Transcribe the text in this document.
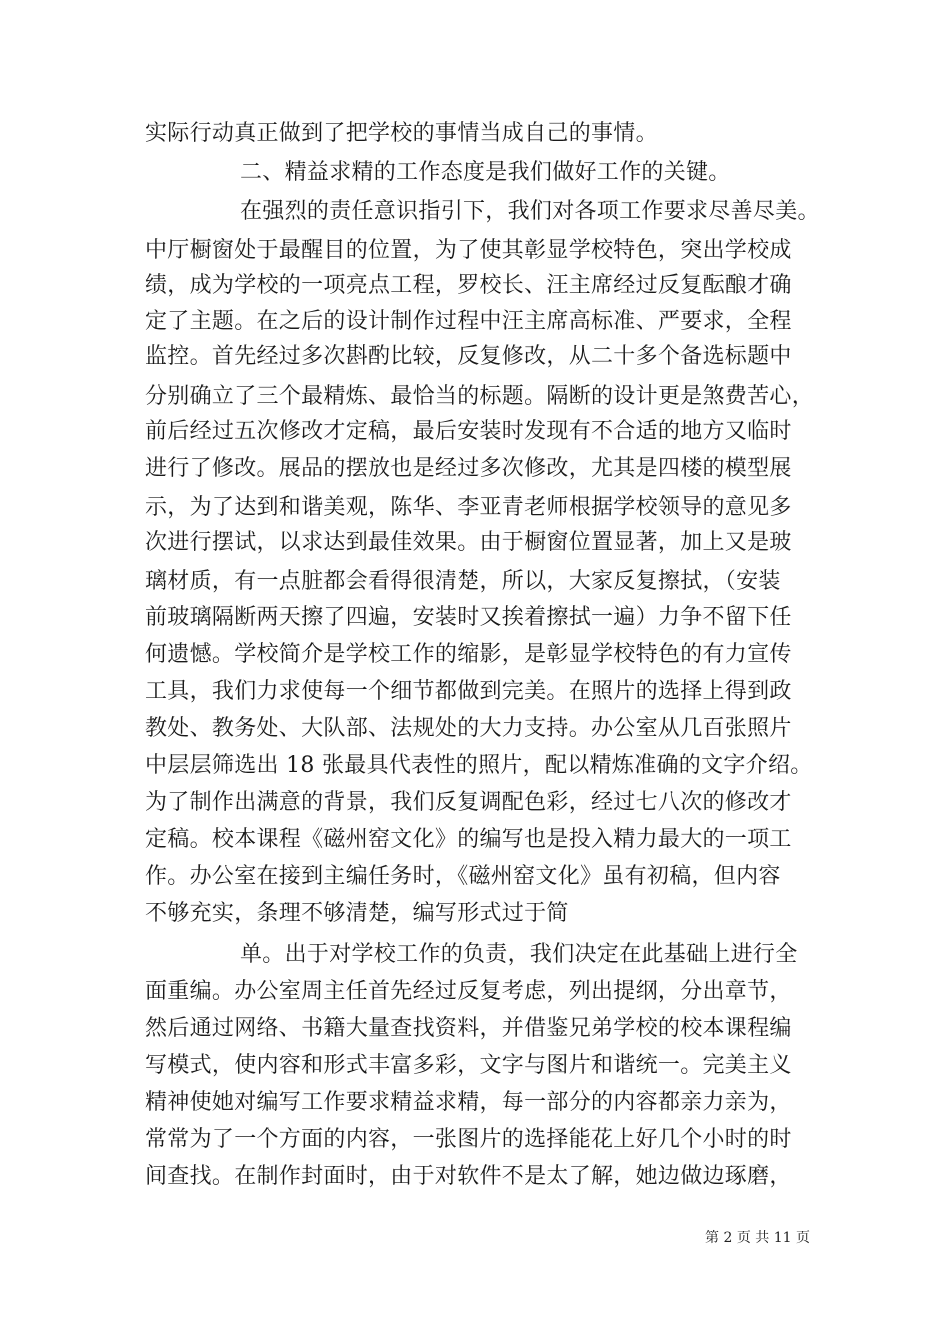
实际行动真正做到了把学校的事情当成自己的事情。

二、精益求精的工作态度是我们做好工作的关键。

在强烈的责任意识指引下，我们对各项工作要求尽善尽美。

中厅橱窗处于最醒目的位置，为了使其彰显学校特色，突出学校成

绩，成为学校的一项亮点工程，罗校长、汪主席经过反复酝酿才确

定了主题。在之后的设计制作过程中汪主席高标准、严要求，全程

监控。首先经过多次斟酌比较，反复修改，从二十多个备选标题中

分别确立了三个最精炼、最恰当的标题。隔断的设计更是煞费苦心，

前后经过五次修改才定稿，最后安装时发现有不合适的地方又临时

进行了修改。展品的摆放也是经过多次修改，尤其是四楼的模型展

示，为了达到和谐美观，陈华、李亚青老师根据学校领导的意见多

次进行摆试，以求达到最佳效果。由于橱窗位置显著，加上又是玻

璃材质，有一点脏都会看得很清楚，所以，大家反复擦拭，（安装

前玻璃隔断两天擦了四遍，安装时又挨着擦拭一遍）力争不留下任

何遗憾。学校简介是学校工作的缩影，是彰显学校特色的有力宣传

工具，我们力求使每一个细节都做到完美。在照片的选择上得到政

教处、教务处、大队部、法规处的大力支持。办公室从几百张照片

中层层筛选出 18 张最具代表性的照片，配以精炼准确的文字介绍。

为了制作出满意的背景，我们反复调配色彩，经过七八次的修改才

定稿。校本课程《磁州窑文化》的编写也是投入精力最大的一项工

作。办公室在接到主编任务时，《磁州窑文化》虽有初稿，但内容

不够充实，条理不够清楚，编写形式过于简

单。出于对学校工作的负责，我们决定在此基础上进行全

面重编。办公室周主任首先经过反复考虑，列出提纲，分出章节，

然后通过网络、书籍大量查找资料，并借鉴兄弟学校的校本课程编

写模式，使内容和形式丰富多彩，文字与图片和谐统一。完美主义

精神使她对编写工作要求精益求精，每一部分的内容都亲力亲为，

常常为了一个方面的内容，一张图片的选择能花上好几个小时的时

间查找。在制作封面时，由于对软件不是太了解，她边做边琢磨，

第 2 页 共 11 页
